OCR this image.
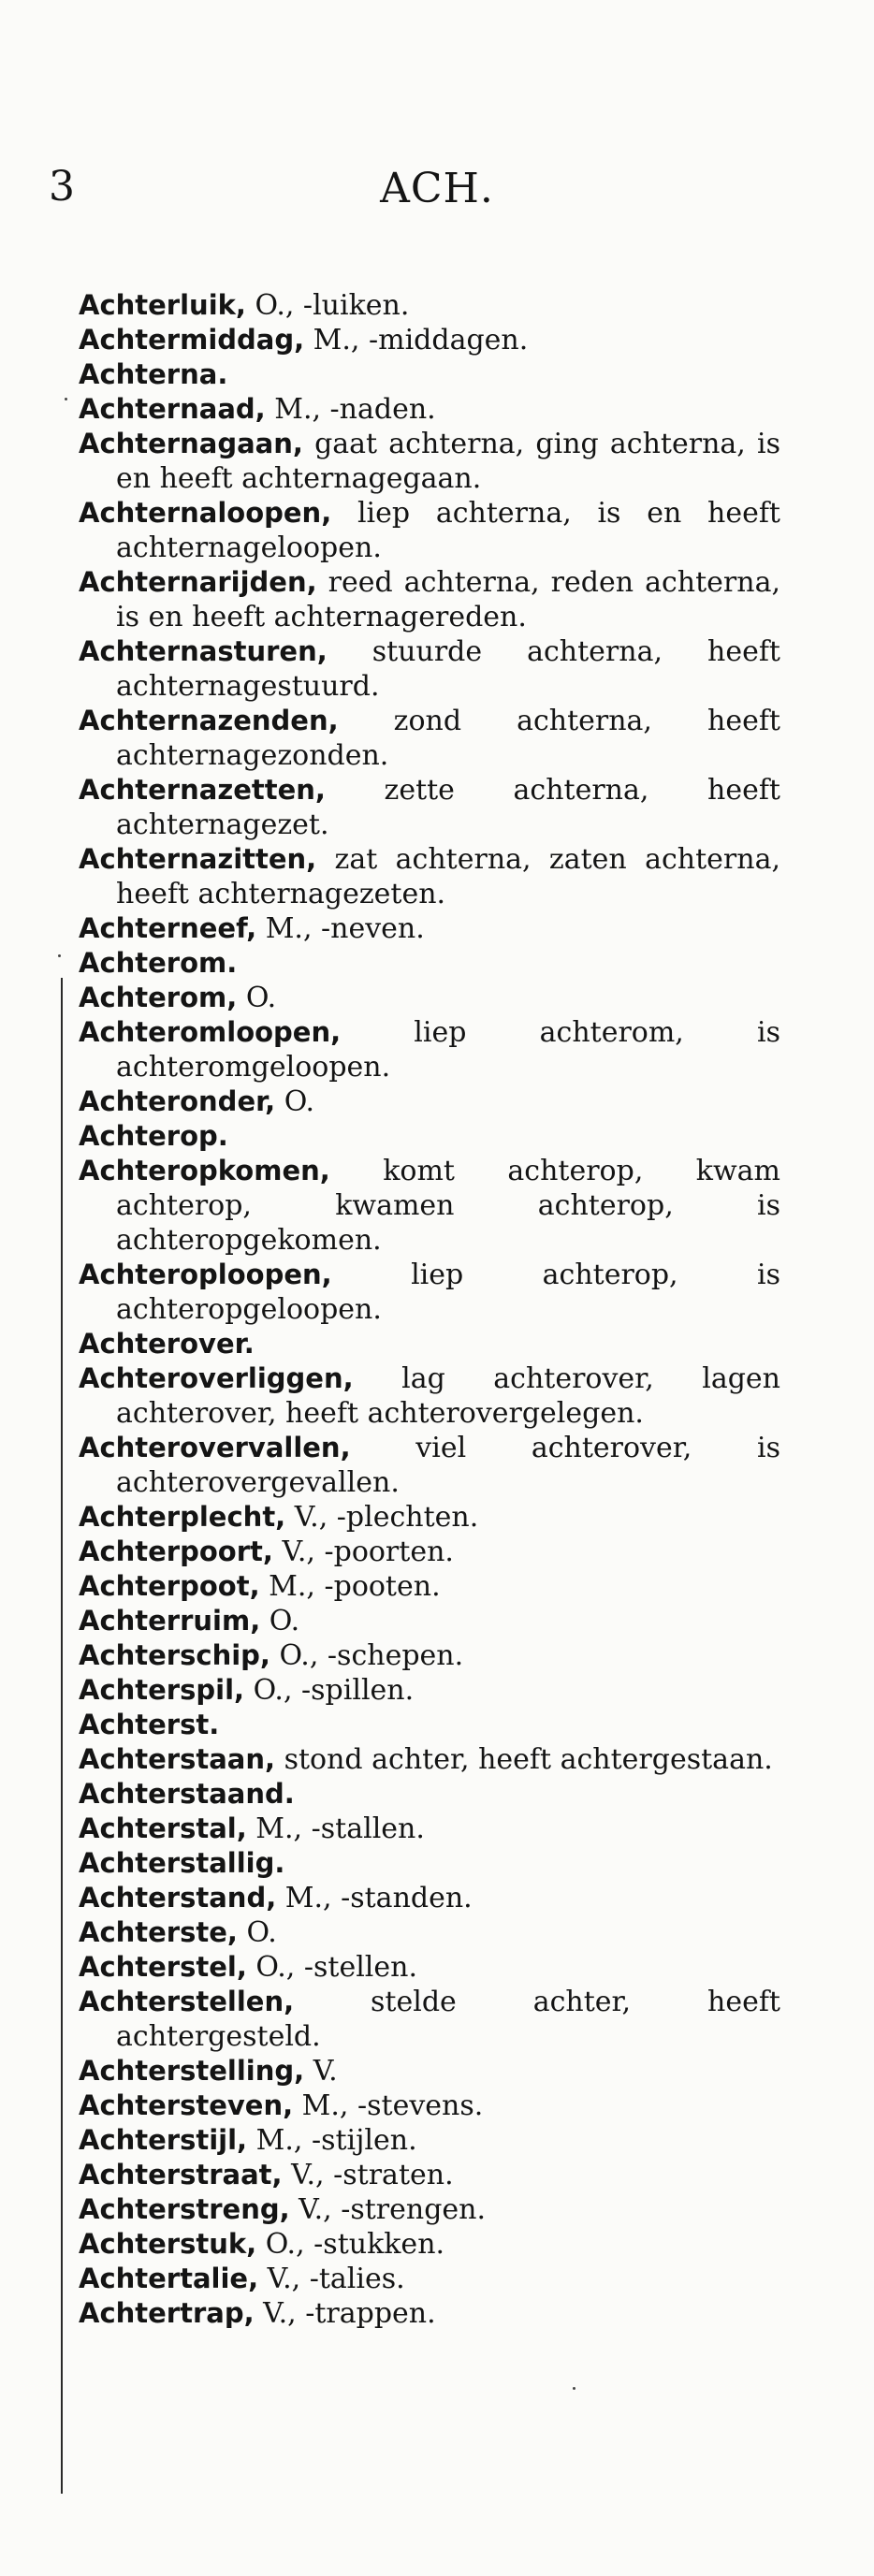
3	ACH.
Achterluik, O., -luiken.
Achtermiddag, M., -middagen.
Achterna.
Achternaad, M., -naden.
Achternagaan, gaat achterna, ging achterna, is en heeft achternagegaan.
Achternaloopen, liep achterna, is en heeft achternageloopen.
Achternarijden, reed achterna, reden achterna, is en heeft achternagereden.
Achternasturen, stuurde achterna, heeft achternagestuurd.
Achternazenden, zond achterna, heeft achternagezonden.
Achternazetten, zette achterna, heeft achternagezet.
Achternazitten, zat achterna, zaten achterna, heeft achternagezeten.
Achterneef, M., -neven.
Achterom.
Achterom, O.
Achteromloopen, liep achterom, is achteromgeloopen.
Achteronder, O.
Achterop.
Achteropkomen, komt achterop, kwam achterop, kwamen achterop, is achteropgekomen.
Achteroploopen, liep achterop, is achteropgeloopen.
Achterover.
Achteroverliggen, lag achterover, lagen achterover, heeft achterovergelegen.
Achterovervallen, viel achterover, is achterovergevallen.
Achterplecht, V., -plechten.
Achterpoort, V., -poorten.
Achterpoot, M., -pooten.
Achterruim, O.
Achterschip, O., -schepen.
Achterspil, O., -spillen.
Achterst.
Achterstaan, stond achter, heeft achtergestaan.
Achterstaand.
Achterstal, M., -stallen.
Achterstallig.
Achterstand, M., -standen.
Achterste, O.
Achterstel, O., -stellen.
Achterstellen, stelde achter, heeft achtergesteld.
Achterstelling, V.
Achtersteven, M., -stevens.
Achterstijl, M., -stijlen.
Achterstraat, V., -straten.
Achterstreng, V., -strengen.
Achterstuk, O., -stukken.
Achtertalie, V., -talies.
Achtertrap, V., -trappen.
